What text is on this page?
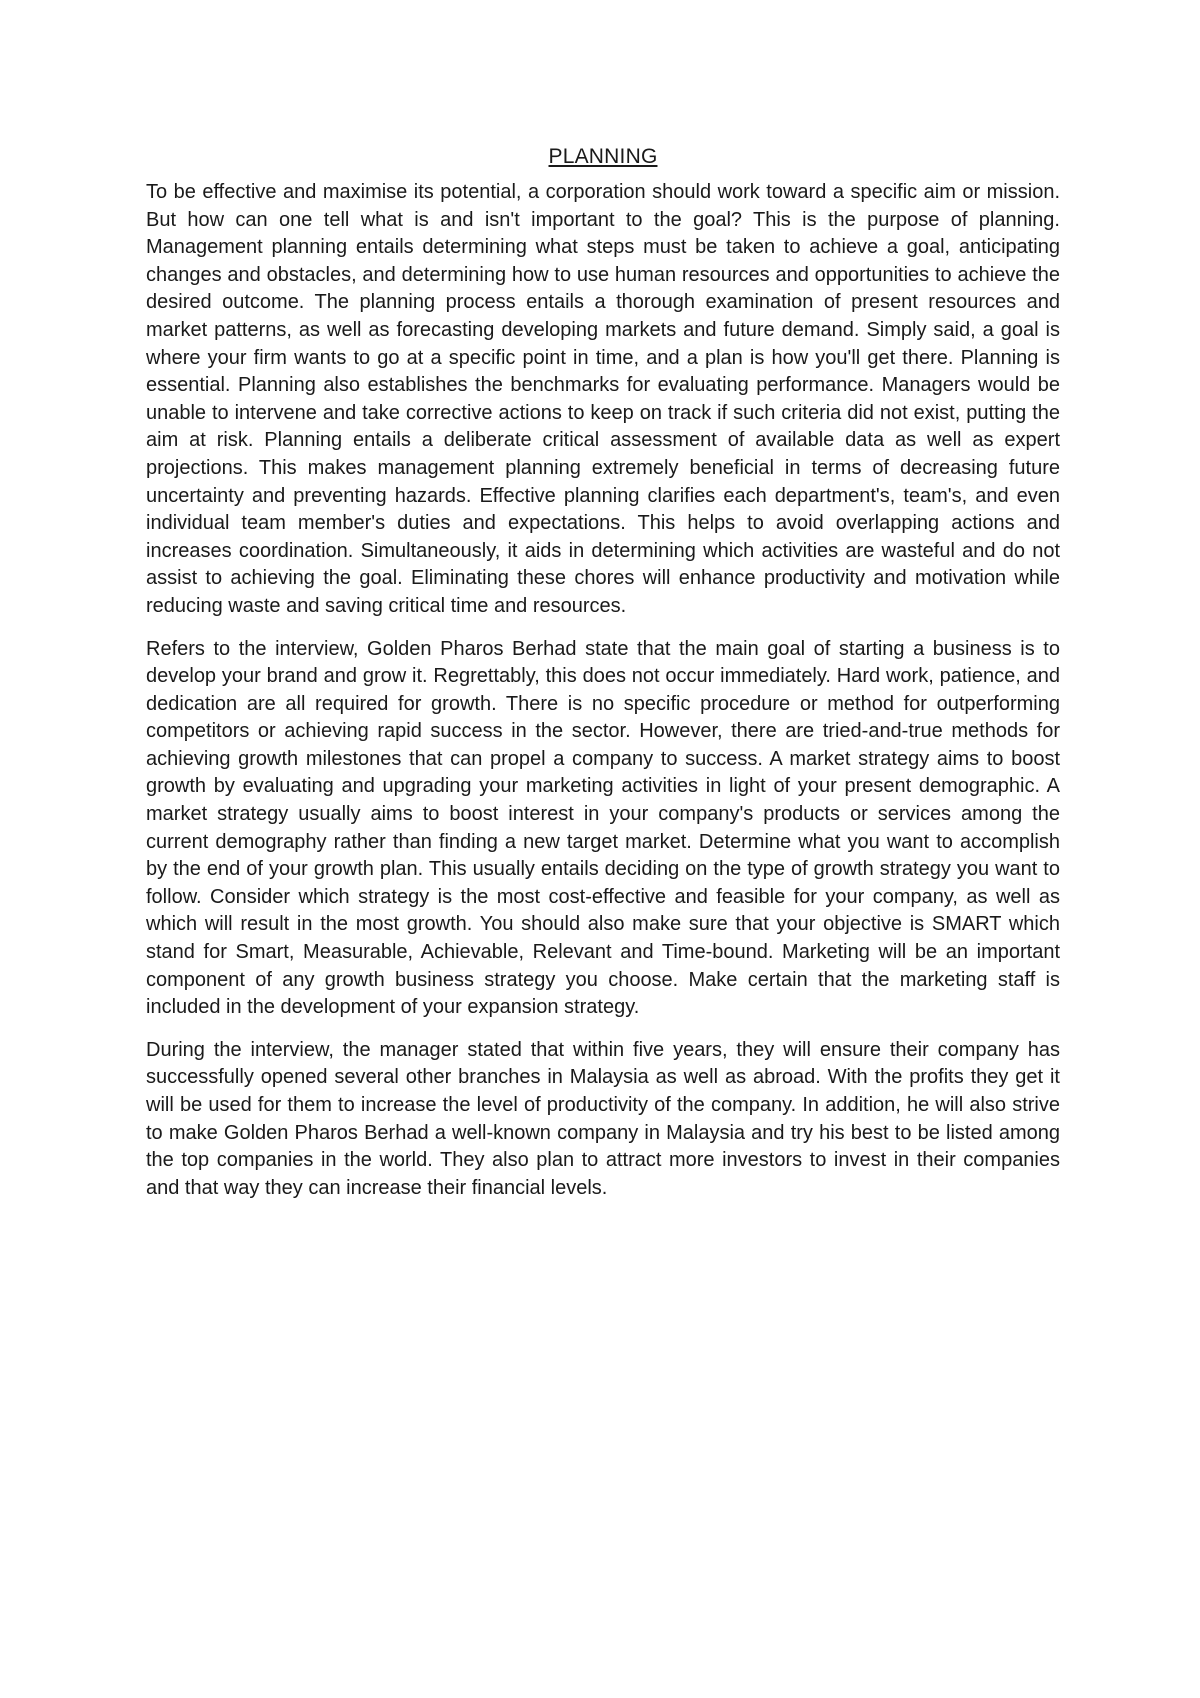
PLANNING

To be effective and maximise its potential, a corporation should work toward a specific aim or mission. But how can one tell what is and isn't important to the goal? This is the purpose of planning. Management planning entails determining what steps must be taken to achieve a goal, anticipating changes and obstacles, and determining how to use human resources and opportunities to achieve the desired outcome. The planning process entails a thorough examination of present resources and market patterns, as well as forecasting developing markets and future demand. Simply said, a goal is where your firm wants to go at a specific point in time, and a plan is how you'll get there. Planning is essential. Planning also establishes the benchmarks for evaluating performance. Managers would be unable to intervene and take corrective actions to keep on track if such criteria did not exist, putting the aim at risk. Planning entails a deliberate critical assessment of available data as well as expert projections. This makes management planning extremely beneficial in terms of decreasing future uncertainty and preventing hazards. Effective planning clarifies each department's, team's, and even individual team member's duties and expectations. This helps to avoid overlapping actions and increases coordination. Simultaneously, it aids in determining which activities are wasteful and do not assist to achieving the goal. Eliminating these chores will enhance productivity and motivation while reducing waste and saving critical time and resources.

Refers to the interview, Golden Pharos Berhad state that the main goal of starting a business is to develop your brand and grow it. Regrettably, this does not occur immediately. Hard work, patience, and dedication are all required for growth. There is no specific procedure or method for outperforming competitors or achieving rapid success in the sector. However, there are tried-and-true methods for achieving growth milestones that can propel a company to success. A market strategy aims to boost growth by evaluating and upgrading your marketing activities in light of your present demographic. A market strategy usually aims to boost interest in your company's products or services among the current demography rather than finding a new target market. Determine what you want to accomplish by the end of your growth plan. This usually entails deciding on the type of growth strategy you want to follow. Consider which strategy is the most cost-effective and feasible for your company, as well as which will result in the most growth. You should also make sure that your objective is SMART which stand for Smart, Measurable, Achievable, Relevant and Time-bound. Marketing will be an important component of any growth business strategy you choose. Make certain that the marketing staff is included in the development of your expansion strategy.

During the interview, the manager stated that within five years, they will ensure their company has successfully opened several other branches in Malaysia as well as abroad. With the profits they get it will be used for them to increase the level of productivity of the company. In addition, he will also strive to make Golden Pharos Berhad a well-known company in Malaysia and try his best to be listed among the top companies in the world. They also plan to attract more investors to invest in their companies and that way they can increase their financial levels.
